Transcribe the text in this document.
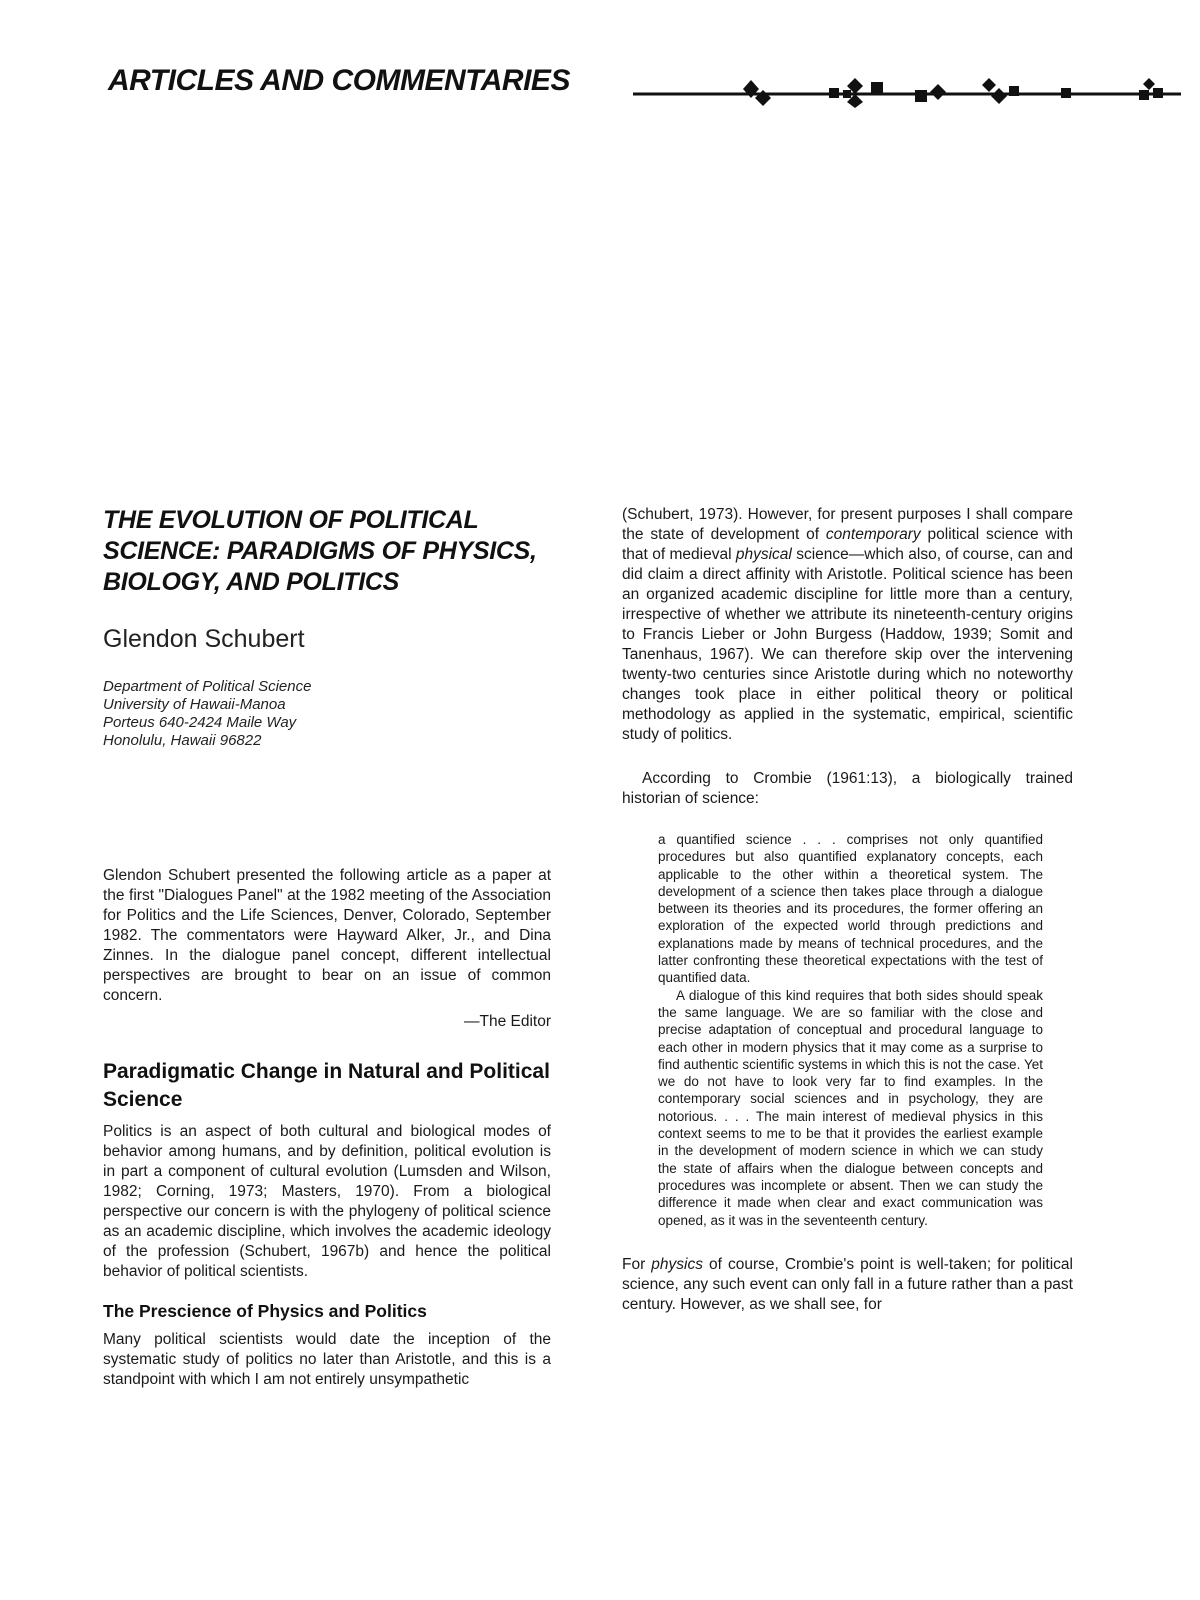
ARTICLES AND COMMENTARIES
THE EVOLUTION OF POLITICAL SCIENCE: PARADIGMS OF PHYSICS, BIOLOGY, AND POLITICS
Glendon Schubert
Department of Political Science
University of Hawaii-Manoa
Porteus 640-2424 Maile Way
Honolulu, Hawaii 96822

Glendon Schubert presented the following article as a paper at the first "Dialogues Panel" at the 1982 meeting of the Association for Politics and the Life Sciences, Denver, Colorado, September 1982. The commentators were Hayward Alker, Jr., and Dina Zinnes. In the dialogue panel concept, different intellectual perspectives are brought to bear on an issue of common concern.

—The Editor
Paradigmatic Change in Natural and Political Science

Politics is an aspect of both cultural and biological modes of behavior among humans, and by definition, political evolution is in part a component of cultural evolution (Lumsden and Wilson, 1982; Corning, 1973; Masters, 1970). From a biological perspective our concern is with the phylogeny of political science as an academic discipline, which involves the academic ideology of the profession (Schubert, 1967b) and hence the political behavior of political scientists.

The Prescience of Physics and Politics

Many political scientists would date the inception of the systematic study of politics no later than Aristotle, and this is a standpoint with which I am not entirely unsympathetic

(Schubert, 1973). However, for present purposes I shall compare the state of development of contemporary political science with that of medieval physical science—which also, of course, can and did claim a direct affinity with Aristotle. Political science has been an organized academic discipline for little more than a century, irrespective of whether we attribute its nineteenth-century origins to Francis Lieber or John Burgess (Haddow, 1939; Somit and Tanenhaus, 1967). We can therefore skip over the intervening twenty-two centuries since Aristotle during which no noteworthy changes took place in either political theory or political methodology as applied in the systematic, empirical, scientific study of politics.

According to Crombie (1961:13), a biologically trained historian of science:

a quantified science . . . comprises not only quantified procedures but also quantified explanatory concepts, each applicable to the other within a theoretical system. The development of a science then takes place through a dialogue between its theories and its procedures, the former offering an exploration of the expected world through predictions and explanations made by means of technical procedures, and the latter confronting these theoretical expectations with the test of quantified data.

A dialogue of this kind requires that both sides should speak the same language. We are so familiar with the close and precise adaptation of conceptual and procedural language to each other in modern physics that it may come as a surprise to find authentic scientific systems in which this is not the case. Yet we do not have to look very far to find examples. In the contemporary social sciences and in psychology, they are notorious. . . . The main interest of medieval physics in this context seems to me to be that it provides the earliest example in the development of modern science in which we can study the state of affairs when the dialogue between concepts and procedures was incomplete or absent. Then we can study the difference it made when clear and exact communication was opened, as it was in the seventeenth century.

For physics of course, Crombie's point is well-taken; for political science, any such event can only fall in a future rather than a past century. However, as we shall see, for
